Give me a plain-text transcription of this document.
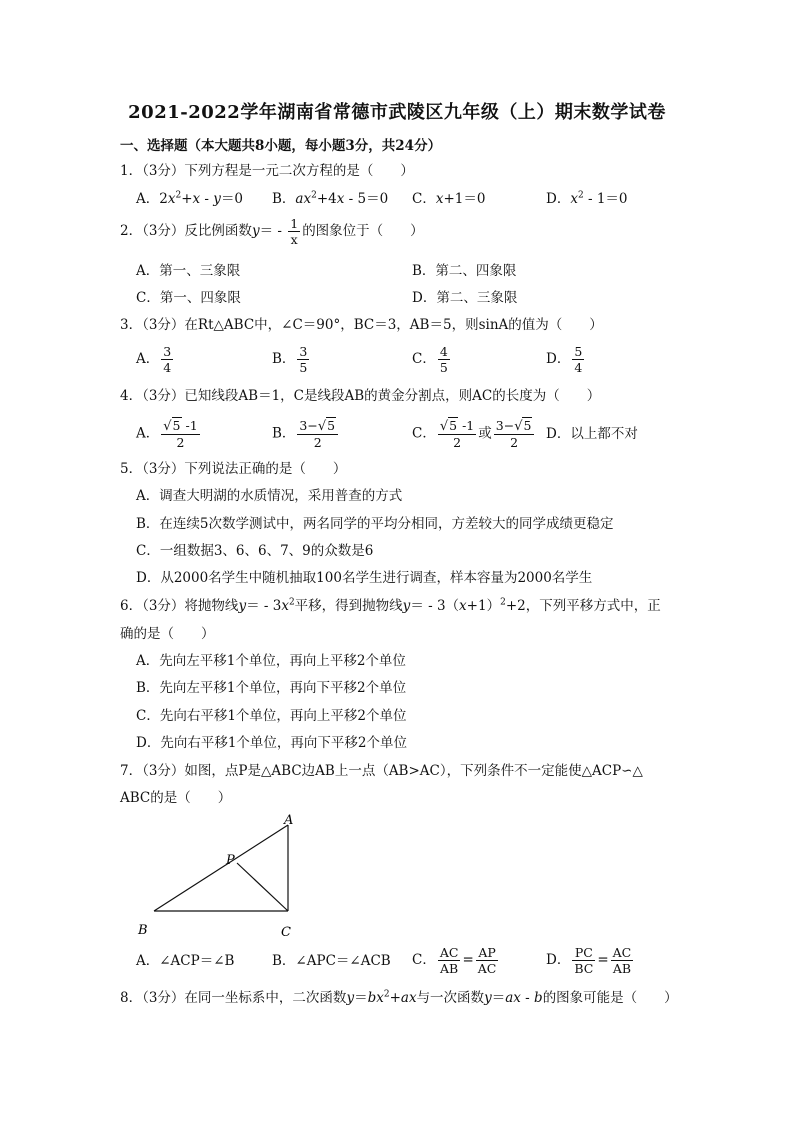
2021-2022学年湖南省常德市武陵区九年级（上）期末数学试卷
一、选择题（本大题共8小题，每小题3分，共24分）
1．（3分）下列方程是一元二次方程的是（　　）
A．$2x^2+x - y=0$ B．$ax^2+4x - 5=0$ C．x+1＝0	D．$x^2 - 1=0$
2．（3分）反比例函数$y= - \frac{1}{x}$ 的图象位于（　　）
A．第一、三象限	B．第二、四象限
C．第一、四象限	D．第二、三象限
3．（3分）在Rt△ABC中，∠C＝90°，BC＝3，AB＝5，则sinA的值为（　　）
A． $\frac{3}{4}$	B． $\frac{3}{5}$	C． $\frac{4}{5}$	D． $\frac{5}{4}$
4．（3分）已知线段AB＝1，C是线段AB的黄金分割点，则AC的长度为（　　）
A． $\frac{√5 -1}{2}$	B． $\frac{3-√5}{2}$	C． $\frac{√5 -1}{2}$ 或 $\frac{3-√5}{2}$ D．以上都不对
5．（3分）下列说法正确的是（　　）
A．调查大明湖的水质情况，采用普查的方式
B．在连续5次数学测试中，两名同学的平均分相同，方差较大的同学成绩更稳定
C．一组数据3、6、6、7、9的众数是6
D．从2000名学生中随机抽取100名学生进行调查，样本容量为2000名学生
6．（3分）将抛物线$y= - 3x^2$平移，得到抛物线$y= - 3(x+1)^2+2$，下列平移方式中，正
确的是（　　）
A．先向左平移1个单位，再向上平移2个单位
B．先向左平移1个单位，再向下平移2个单位
C．先向右平移1个单位，再向上平移2个单位
D．先向右平移1个单位，再向下平移2个单位
7．（3分）如图，点P是△ABC边AB上一点（AB>AC），下列条件不一定能使△ACP∽△
ABC的是（　　）
A
B	C
P
A．∠ACP＝∠B	B．∠APC＝∠ACB C． $\frac{AC}{AB} = \frac{AP}{AC}$	D． $\frac{PC}{BC} = \frac{AC}{AB}$
8．（3分）在同一坐标系中，二次函数$y=bx^2+ax$与一次函数y＝ax - b的图象可能是（　　）
